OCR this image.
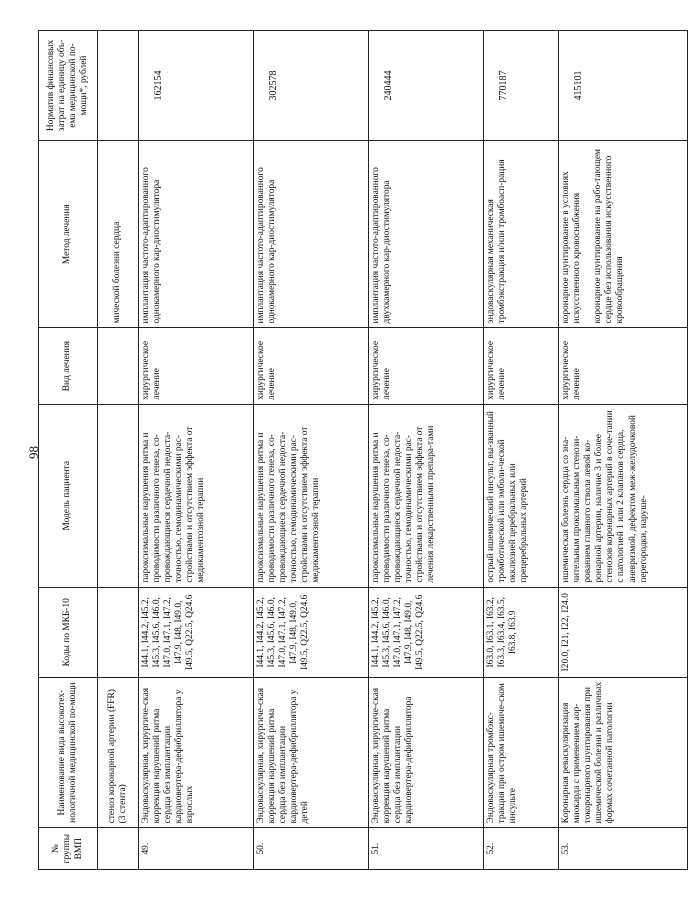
98
№ группы ВМП	Наименование вида высокотех-нологичной медицинской по-мощи	Коды по МКБ-10	Модель пациента	Вид лечения	Метод лечения	Норматив финансовых затрат на единицу объ-ема медицинской по-мощи*, рублей
	стеноз коронарной артерии (FFR) (3 стента)				мической болезни сердца	
49.	Эндоваскулярная, хирургиче-ская коррекция нарушений ритма сердца без имплантации кардиовертера-дефибриллятора у взрослых	I44.1, I44.2, I45.2, I45.3, I45.6, I46.0, I47.0, I47.1, I47.2, I47.9, I48, I49.0, I49.5, Q22.5, Q24.6	пароксизмальные нарушения ритма и проводимости различного генеза, со-провождающиеся сердечной недоста-точностью, гемодинамическими рас-стройствами и отсутствием эффекта от медикаментозной терапии	хирургическое лечение	имплантация частото-адаптированного однокамерного кар-диостимулятора	162154
50.	Эндоваскулярная, хирургиче-ская коррекция нарушений ритма сердца без имплантации кардиовертера-дефибриллятора у детей	I44.1, I44.2, I45.2, I45.3, I45.6, I46.0, I47.0, I47.1, I47.2, I47.9, I48, I49.0, I49.5, Q22.5, Q24.6	пароксизмальные нарушения ритма и проводимости различного генеза, со-провождающиеся сердечной недоста-точностью, гемодинамическими рас-стройствами и отсутствием эффекта от медикаментозной терапии	хирургическое лечение	имплантация частото-адаптированного однокамерного кар-диостимулятора	302578
51.	Эндоваскулярная, хирургиче-ская коррекция нарушений ритма сердца без имплантации кардиовертера-дефибриллятора	I44.1, I44.2, I45.2, I45.3, I45.6, I46.0, I47.0, I47.1, I47.2, I47.9, I48, I49.0, I49.5, Q22.5, Q24.6	пароксизмальные нарушения ритма и проводимости различного генеза, со-провождающиеся сердечной недоста-точностью, гемодинамическими рас-стройствами и отсутствием эффекта от лечения лекарственными препара-тами	хирургическое лечение	имплантация частото-адаптированного двухкамерного кар-диостимулятора	240444
52.	Эндоваскулярная тромбэкс-тракция при остром ишемиче-ском инсульте	I63.0, I63.1, I63.2, I63.3, I63.4, I63.5, I63.8, I63.9	острый ишемический инсульт, вы-званный тромботической или эмболи-ческой окклюзией церебральных или прецеребральных артерий	хирургическое лечение	эндоваскулярная механическая тромбэкстракция и/или тромбоасп-рация	770187
53.	Коронарная реваскуляризация миокарда с применением аор-токоронарного шунтирования при ишемической болезни и различных формах сочетанной патологии	I20.0, I21, I22, I24.0	ишемическая болезнь сердца со зна-чительным проксимальным стенози-рованием главного ствола левой ко-ронарной артерии, наличие 3 и более стенозов коронарных артерий в соче-тании с патологией 1 или 2 клапанов сердца, аневризмой, дефектом меж-желудочковой перегородки, наруше-	хирургическое лечение	коронарное шунтирование в условиях искусственного кровоснабжения коронарное шунтирование на рабо-тающем сердце без использования искусственного кровообращения	415101
